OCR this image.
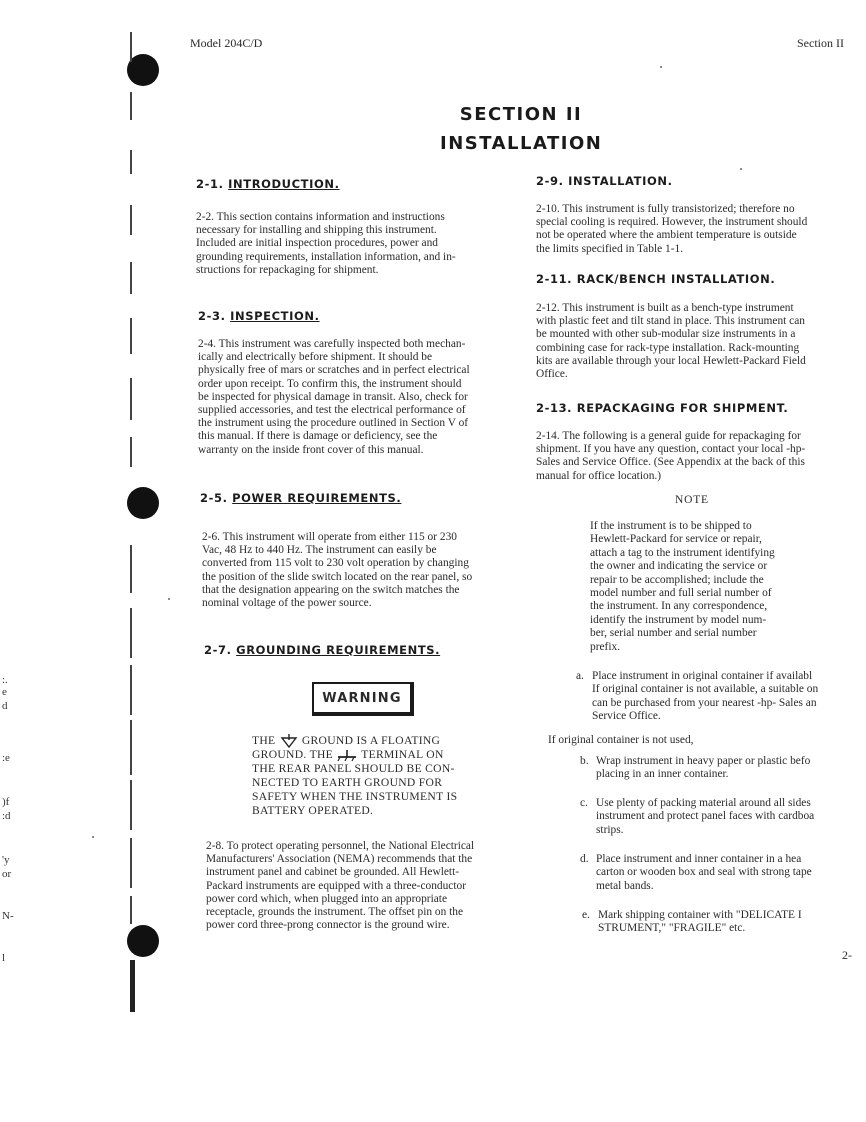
:.
e
d
:e
)f
:d
'y
or
N-
l
Model 204C/D	Section II
SECTION II
INSTALLATION
2-1. INTRODUCTION.
2-2. This section contains information and instructions
necessary for installing and shipping this instrument.
Included are initial inspection procedures, power and
grounding requirements, installation information, and in-
structions for repackaging for shipment.
2-3. INSPECTION.
2-4. This instrument was carefully inspected both mechan-
ically and electrically before shipment. It should be
physically free of mars or scratches and in perfect electrical
order upon receipt. To confirm this, the instrument should
be inspected for physical damage in transit. Also, check for
supplied accessories, and test the electrical performance of
the instrument using the procedure outlined in Section V of
this manual. If there is damage or deficiency, see the
warranty on the inside front cover of this manual.
2-5. POWER REQUIREMENTS.
2-6. This instrument will operate from either 115 or 230
Vac, 48 Hz to 440 Hz. The instrument can easily be
converted from 115 volt to 230 volt operation by changing
the position of the slide switch located on the rear panel, so
that the designation appearing on the switch matches the
nominal voltage of the power source.
2-7. GROUNDING REQUIREMENTS.
WARNING
THE GROUND IS A FLOATING
GROUND. THE TERMINAL ON
THE REAR PANEL SHOULD BE CON-
NECTED TO EARTH GROUND FOR
SAFETY WHEN THE INSTRUMENT IS
BATTERY OPERATED.
2-8. To protect operating personnel, the National Electrical
Manufacturers' Association (NEMA) recommends that the
instrument panel and cabinet be grounded. All Hewlett-
Packard instruments are equipped with a three-conductor
power cord which, when plugged into an appropriate
receptacle, grounds the instrument. The offset pin on the
power cord three-prong connector is the ground wire.
2-9. INSTALLATION.
2-10. This instrument is fully transistorized; therefore no
special cooling is required. However, the instrument should
not be operated where the ambient temperature is outside
the limits specified in Table 1-1.
2-11. RACK/BENCH INSTALLATION.
2-12. This instrument is built as a bench-type instrument
with plastic feet and tilt stand in place. This instrument can
be mounted with other sub-modular size instruments in a
combining case for rack-type installation. Rack-mounting
kits are available through your local Hewlett-Packard Field
Office.
2-13. REPACKAGING FOR SHIPMENT.
2-14. The following is a general guide for repackaging for
shipment. If you have any question, contact your local -hp-
Sales and Service Office. (See Appendix at the back of this
manual for office location.)
NOTE
If the instrument is to be shipped to
Hewlett-Packard for service or repair,
attach a tag to the instrument identifying
the owner and indicating the service or
repair to be accomplished; include the
model number and full serial number of
the instrument. In any correspondence,
identify the instrument by model num-
ber, serial number and serial number
prefix.
a. Place instrument in original container if availabl
If original container is not available, a suitable on
can be purchased from your nearest -hp- Sales an
Service Office.
If original container is not used,
b. Wrap instrument in heavy paper or plastic befo
placing in an inner container.
c. Use plenty of packing material around all sides
instrument and protect panel faces with cardboa
strips.
d. Place instrument and inner container in a hea
carton or wooden box and seal with strong tape
metal bands.
e. Mark shipping container with "DELICATE I
STRUMENT," "FRAGILE" etc.
2-
